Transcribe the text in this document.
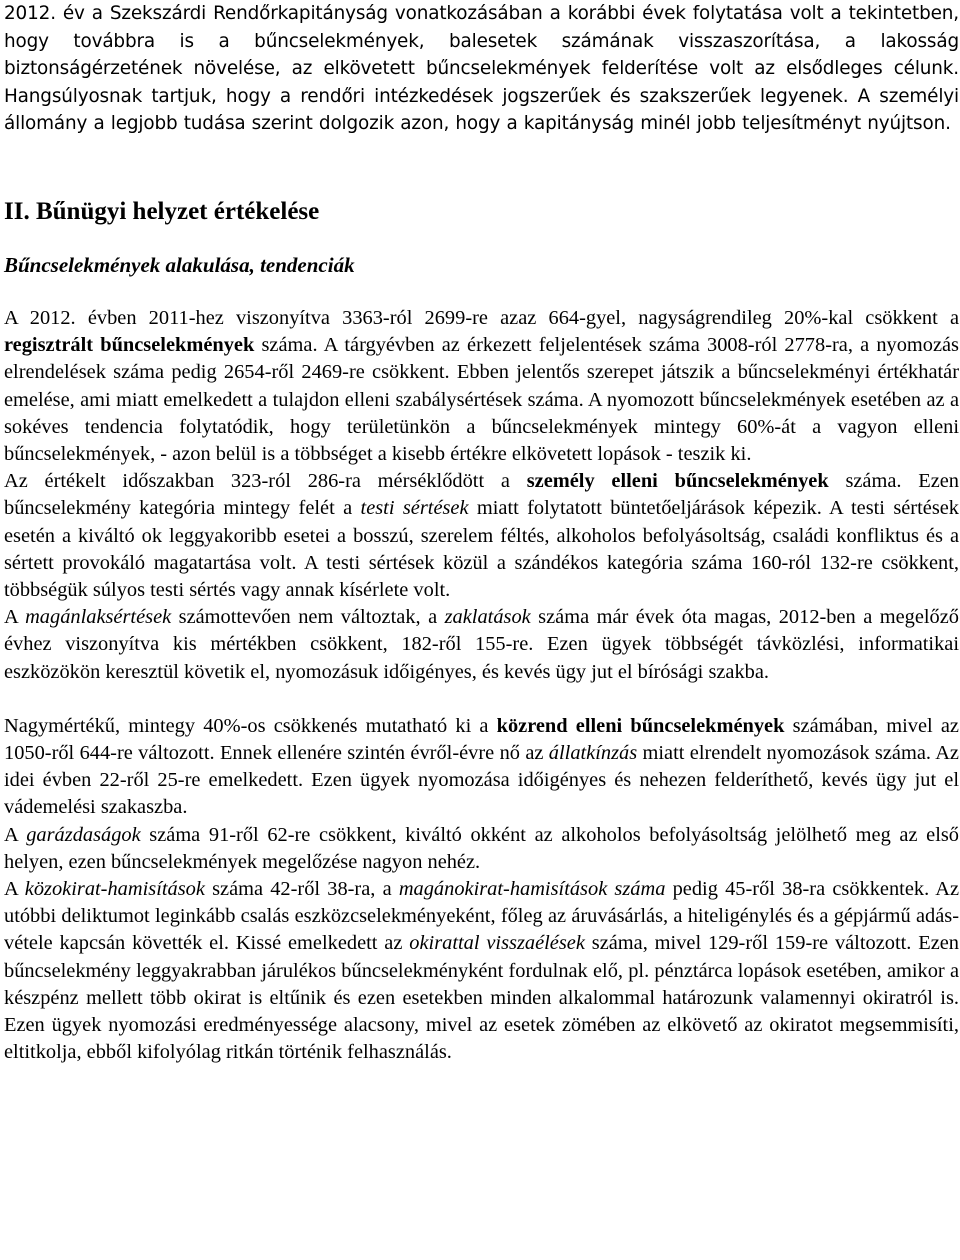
2012. év a Szekszárdi Rendőrkapitányság vonatkozásában a korábbi évek folytatása volt a tekintetben, hogy továbbra is a bűncselekmények, balesetek számának visszaszorítása, a lakosság biztonságérzetének növelése, az elkövetett bűncselekmények felderítése volt az elsődleges célunk. Hangsúlyosnak tartjuk, hogy a rendőri intézkedések jogszerűek és szakszerűek legyenek. A személyi állomány a legjobb tudása szerint dolgozik azon, hogy a kapitányság minél jobb teljesítményt nyújtson.

II. Bűnügyi helyzet értékelése
Bűncselekmények alakulása, tendenciák

A 2012. évben 2011-hez viszonyítva 3363-ról 2699-re azaz 664-gyel, nagyságrendileg 20%-kal csökkent a regisztrált bűncselekmények száma. A tárgyévben az érkezett feljelentések száma 3008-ról 2778-ra, a nyomozás elrendelések száma pedig 2654-ről 2469-re csökkent. Ebben jelentős szerepet játszik a bűncselekményi értékhatár emelése, ami miatt emelkedett a tulajdon elleni szabálysértések száma. A nyomozott bűncselekmények esetében az a sokéves tendencia folytatódik, hogy területünkön a bűncselekmények mintegy 60%-át a vagyon elleni bűncselekmények, - azon belül is a többséget a kisebb értékre elkövetett lopások - teszik ki.

Az értékelt időszakban 323-ról 286-ra mérséklődött a személy elleni bűncselekmények száma. Ezen bűncselekmény kategória mintegy felét a testi sértések miatt folytatott büntetőeljárások képezik. A testi sértések esetén a kiváltó ok leggyakoribb esetei a bosszú, szerelem féltés, alkoholos befolyásoltság, családi konfliktus és a sértett provokáló magatartása volt. A testi sértések közül a szándékos kategória száma 160-ról 132-re csökkent, többségük súlyos testi sértés vagy annak kísérlete volt.

A magánlaksértések számottevően nem változtak, a zaklatások száma már évek óta magas, 2012-ben a megelőző évhez viszonyítva kis mértékben csökkent, 182-ről 155-re. Ezen ügyek többségét távközlési, informatikai eszközökön keresztül követik el, nyomozásuk időigényes, és kevés ügy jut el bírósági szakba.

Nagymértékű, mintegy 40%-os csökkenés mutatható ki a közrend elleni bűncselekmények számában, mivel az 1050-ről 644-re változott. Ennek ellenére szintén évről-évre nő az állatkínzás miatt elrendelt nyomozások száma. Az idei évben 22-ről 25-re emelkedett. Ezen ügyek nyomozása időigényes és nehezen felderíthető, kevés ügy jut el vádemelési szakaszba.

A garázdaságok száma 91-ről 62-re csökkent, kiváltó okként az alkoholos befolyásoltság jelölhető meg az első helyen, ezen bűncselekmények megelőzése nagyon nehéz.

A közokirat-hamisítások száma 42-ről 38-ra, a magánokirat-hamisítások száma pedig 45-ről 38-ra csökkentek. Az utóbbi deliktumot leginkább csalás eszközcselekményeként, főleg az áruvásárlás, a hiteligénylés és a gépjármű adás-vétele kapcsán követték el. Kissé emelkedett az okirattal visszaélések száma, mivel 129-ről 159-re változott. Ezen bűncselekmény leggyakrabban járulékos bűncselekményként fordulnak elő, pl. pénztárca lopások esetében, amikor a készpénz mellett több okirat is eltűnik és ezen esetekben minden alkalommal határozunk valamennyi okiratról is. Ezen ügyek nyomozási eredményessége alacsony, mivel az esetek zömében az elkövető az okiratot megsemmisíti, eltitkolja, ebből kifolyólag ritkán történik felhasználás.
